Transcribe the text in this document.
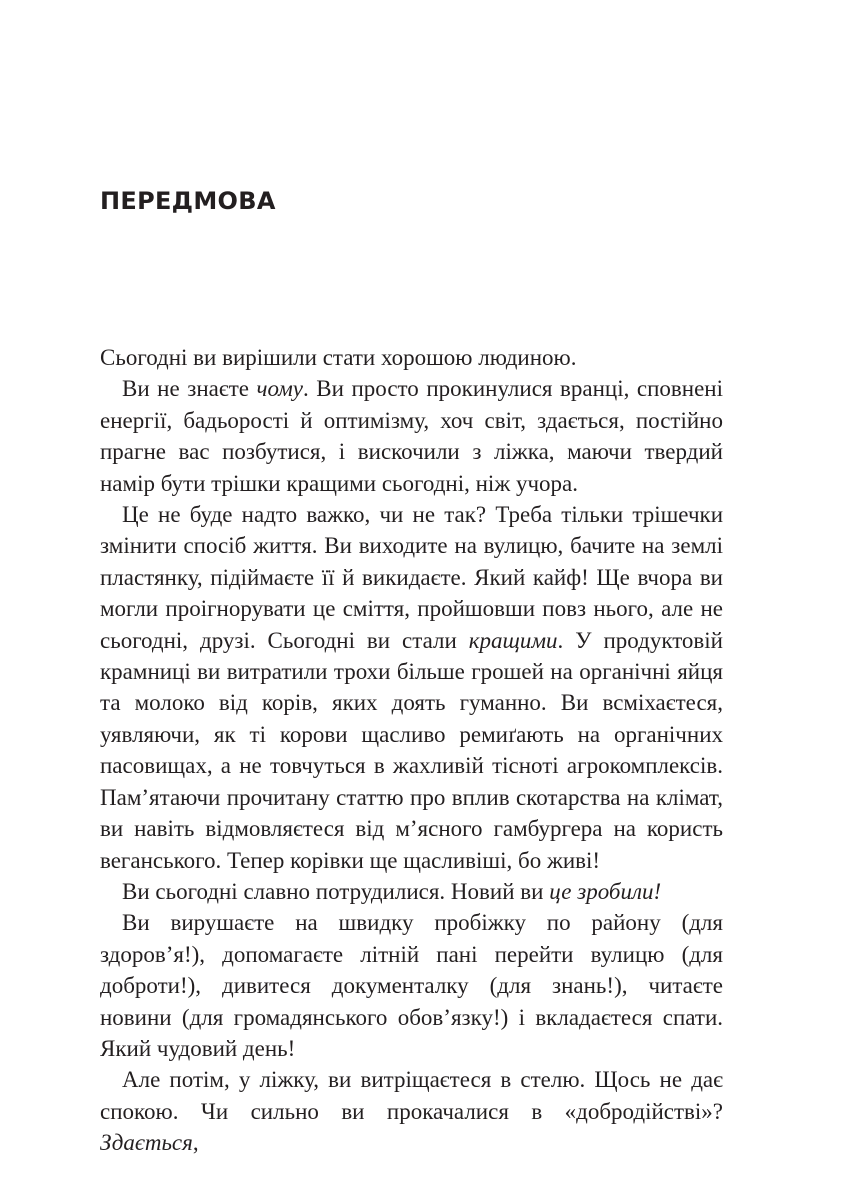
ПЕРЕДМОВА

Сьогодні ви вирішили стати хорошою людиною.

Ви не знаєте чому. Ви просто прокинулися вранці, сповнені енергії, бадьорості й оптимізму, хоч світ, здається, постійно прагне вас позбутися, і вискочили з ліжка, маючи твердий намір бути трішки кращими сьогодні, ніж учора.

Це не буде надто важко, чи не так? Треба тільки трішечки змінити спосіб життя. Ви виходите на вулицю, бачите на землі пластянку, підіймаєте її й викидаєте. Який кайф! Ще вчора ви могли проігнорувати це сміття, пройшовши повз нього, але не сьогодні, друзі. Сьогодні ви стали кращими. У продуктовій крамниці ви витратили трохи більше грошей на органічні яйця та молоко від корів, яких доять гуманно. Ви всміхаєтеся, уявляючи, як ті корови щасливо ремиґають на органічних пасовищах, а не товчуться в жахливій тісноті агрокомплексів. Пам’ятаючи прочитану статтю про вплив скотарства на клімат, ви навіть відмовляєтеся від м’ясного гамбургера на користь веганського. Тепер корівки ще щасливіші, бо живі!

Ви сьогодні славно потрудилися. Новий ви це зробили!

Ви вирушаєте на швидку пробіжку по району (для здоров’я!), допомагаєте літній пані перейти вулицю (для доброти!), дивитеся документалку (для знань!), читаєте новини (для громадянського обов’язку!) і вкладаєтеся спати. Який чудовий день!

Але потім, у ліжку, ви витріщаєтеся в стелю. Щось не дає спокою. Чи сильно ви прокачалися в «добродійстві»? Здається,
